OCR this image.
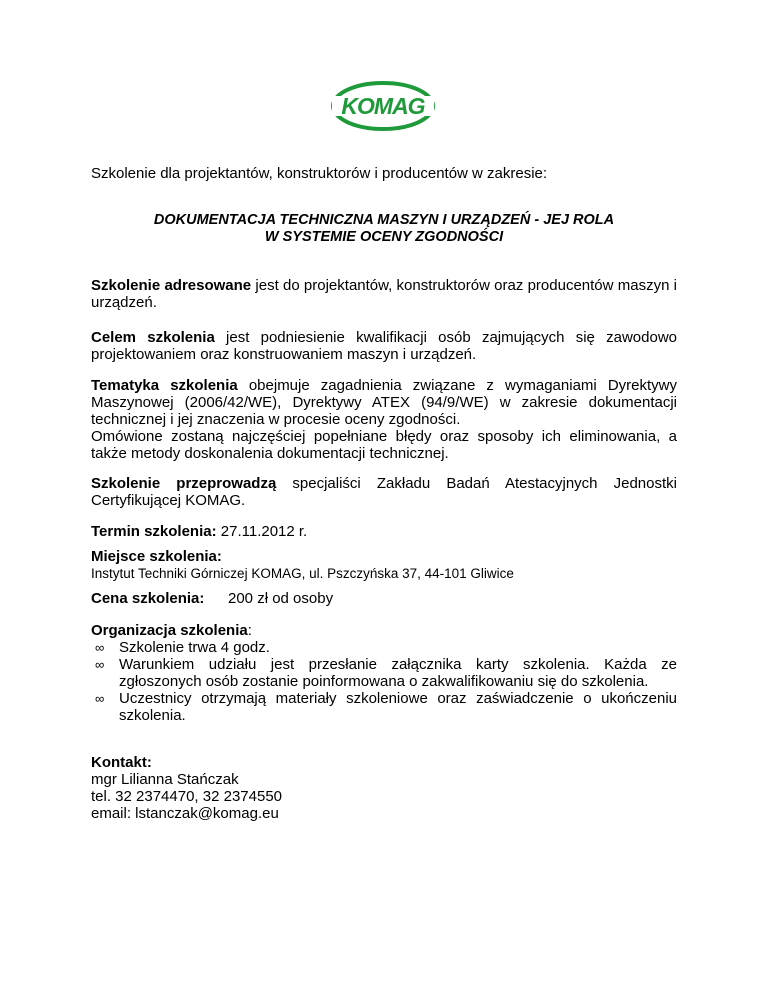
KOMAG
Szkolenie dla projektantów, konstruktorów i producentów w zakresie:
DOKUMENTACJA TECHNICZNA MASZYN I URZĄDZEŃ - JEJ ROLA
W SYSTEMIE OCENY ZGODNOŚCI
Szkolenie adresowane jest do projektantów, konstruktorów oraz producentów maszyn i urządzeń.
Celem szkolenia jest podniesienie kwalifikacji osób zajmujących się zawodowo projektowaniem oraz konstruowaniem maszyn i urządzeń.
Tematyka szkolenia obejmuje zagadnienia związane z wymaganiami Dyrektywy Maszynowej (2006/42/WE), Dyrektywy ATEX (94/9/WE) w zakresie dokumentacji technicznej i jej znaczenia w procesie oceny zgodności.
Omówione zostaną najczęściej popełniane błędy oraz sposoby ich eliminowania, a także metody doskonalenia dokumentacji technicznej.
Szkolenie przeprowadzą specjaliści Zakładu Badań Atestacyjnych Jednostki Certyfikującej KOMAG.
Termin szkolenia: 27.11.2012 r.
Miejsce szkolenia:
Instytut Techniki Górniczej KOMAG, ul. Pszczyńska 37, 44-101 Gliwice
Cena szkolenia: 200 zł od osoby
Organizacja szkolenia:
∞ Szkolenie trwa 4 godz.
∞ Warunkiem udziału jest przesłanie załącznika karty szkolenia. Każda ze zgłoszonych osób zostanie poinformowana o zakwalifikowaniu się do szkolenia.
∞ Uczestnicy otrzymają materiały szkoleniowe oraz zaświadczenie o ukończeniu szkolenia.
Kontakt:
mgr Lilianna Stańczak
tel. 32 2374470, 32 2374550
email: lstanczak@komag.eu
